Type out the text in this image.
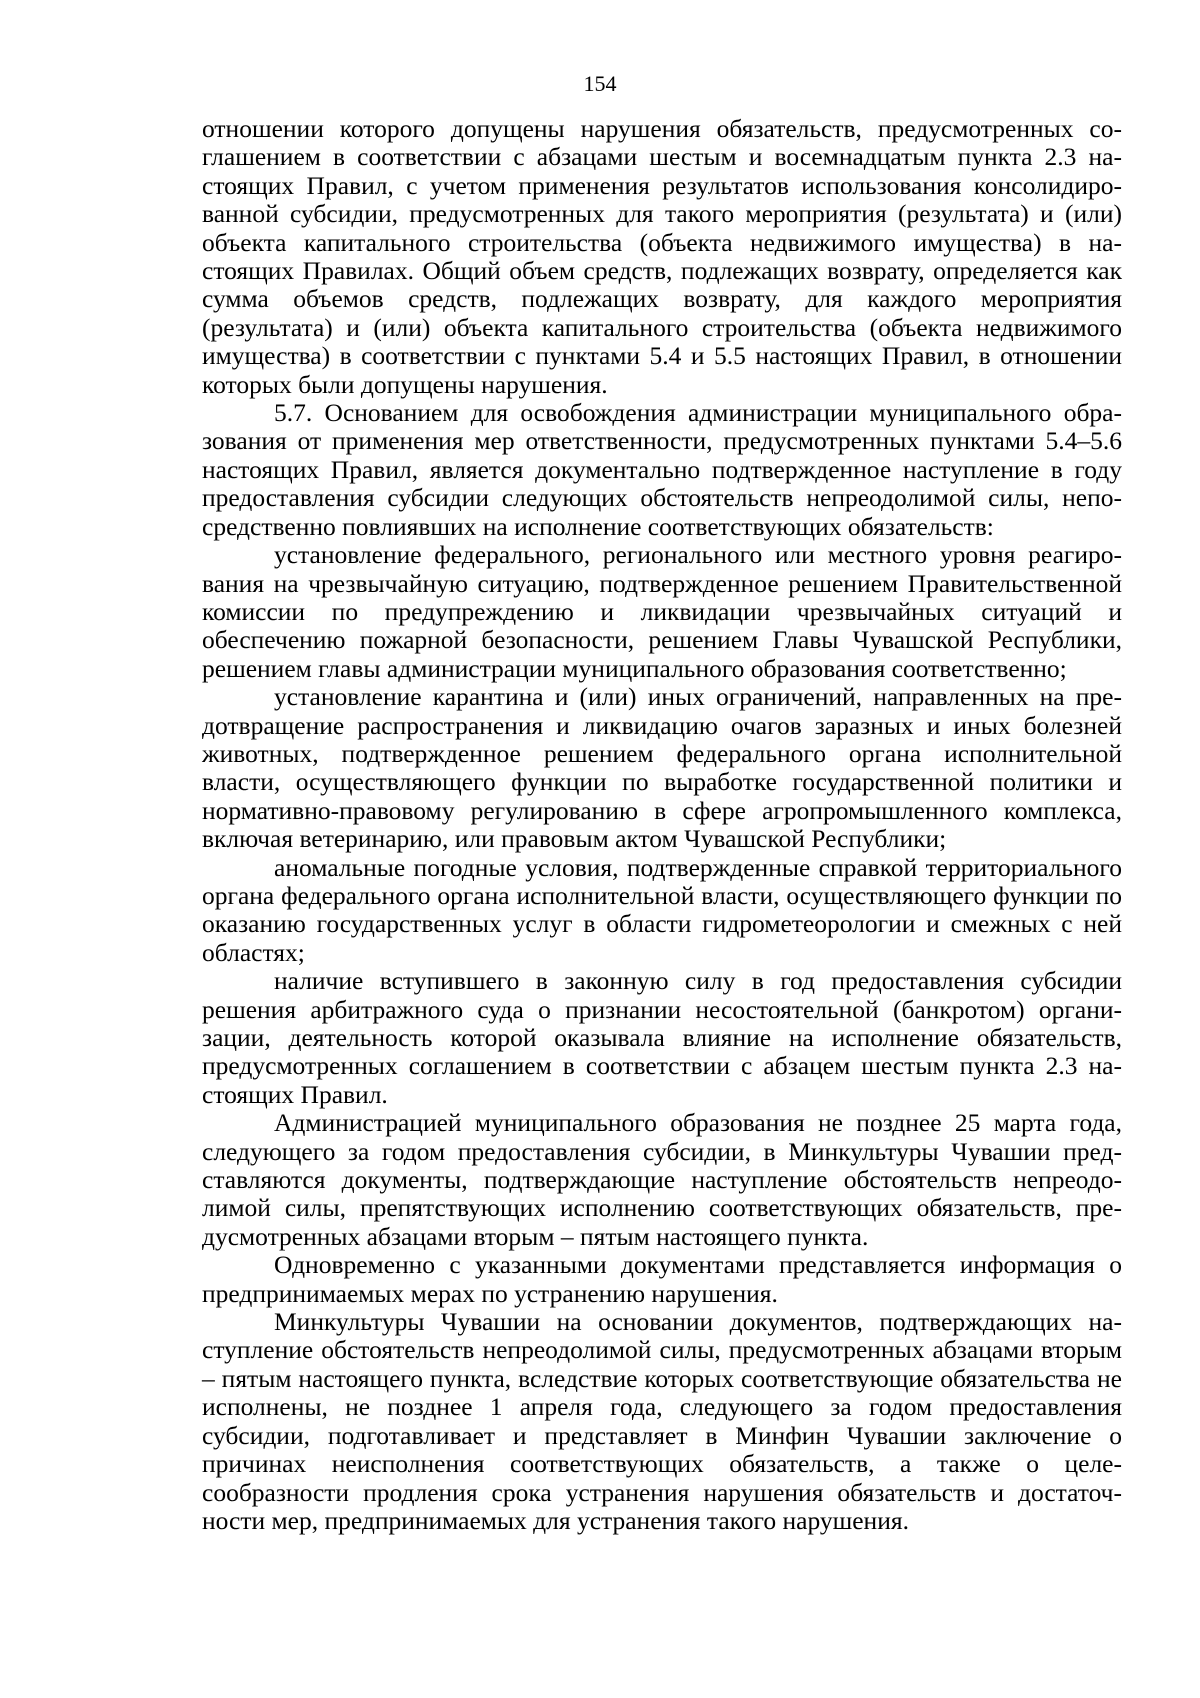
154

отношении которого допущены нарушения обязательств, предусмотренных соглашением в соответствии с абзацами шестым и восемнадцатым пункта 2.3 настоящих Правил, с учетом применения результатов использования консолидированной субсидии, предусмотренных для такого мероприятия (результата) и (или) объекта капитального строительства (объекта недвижимого имущества) в настоящих Правилах. Общий объем средств, подлежащих возврату, определяется как сумма объемов средств, подлежащих возврату, для каждого мероприятия (результата) и (или) объекта капитального строительства (объекта недвижимого имущества) в соответствии с пунктами 5.4 и 5.5 настоящих Правил, в отношении которых были допущены нарушения.

5.7. Основанием для освобождения администрации муниципального образования от применения мер ответственности, предусмотренных пунктами 5.4–5.6 настоящих Правил, является документально подтвержденное наступление в году предоставления субсидии следующих обстоятельств непреодолимой силы, непосредственно повлиявших на исполнение соответствующих обязательств:

установление федерального, регионального или местного уровня реагирования на чрезвычайную ситуацию, подтвержденное решением Правительственной комиссии по предупреждению и ликвидации чрезвычайных ситуаций и обеспечению пожарной безопасности, решением Главы Чувашской Республики, решением главы администрации муниципального образования соответственно;

установление карантина и (или) иных ограничений, направленных на предотвращение распространения и ликвидацию очагов заразных и иных болезней животных, подтвержденное решением федерального органа исполнительной власти, осуществляющего функции по выработке государственной политики и нормативно-правовому регулированию в сфере агропромышленного комплекса, включая ветеринарию, или правовым актом Чувашской Республики;

аномальные погодные условия, подтвержденные справкой территориального органа федерального органа исполнительной власти, осуществляющего функции по оказанию государственных услуг в области гидрометеорологии и смежных с ней областях;

наличие вступившего в законную силу в год предоставления субсидии решения арбитражного суда о признании несостоятельной (банкротом) организации, деятельность которой оказывала влияние на исполнение обязательств, предусмотренных соглашением в соответствии с абзацем шестым пункта 2.3 настоящих Правил.

Администрацией муниципального образования не позднее 25 марта года, следующего за годом предоставления субсидии, в Минкультуры Чувашии представляются документы, подтверждающие наступление обстоятельств непреодолимой силы, препятствующих исполнению соответствующих обязательств, предусмотренных абзацами вторым – пятым настоящего пункта.

Одновременно с указанными документами представляется информация о предпринимаемых мерах по устранению нарушения.

Минкультуры Чувашии на основании документов, подтверждающих наступление обстоятельств непреодолимой силы, предусмотренных абзацами вторым – пятым настоящего пункта, вследствие которых соответствующие обязательства не исполнены, не позднее 1 апреля года, следующего за годом предоставления субсидии, подготавливает и представляет в Минфин Чувашии заключение о причинах неисполнения соответствующих обязательств, а также о целесообразности продления срока устранения нарушения обязательств и достаточности мер, предпринимаемых для устранения такого нарушения.
